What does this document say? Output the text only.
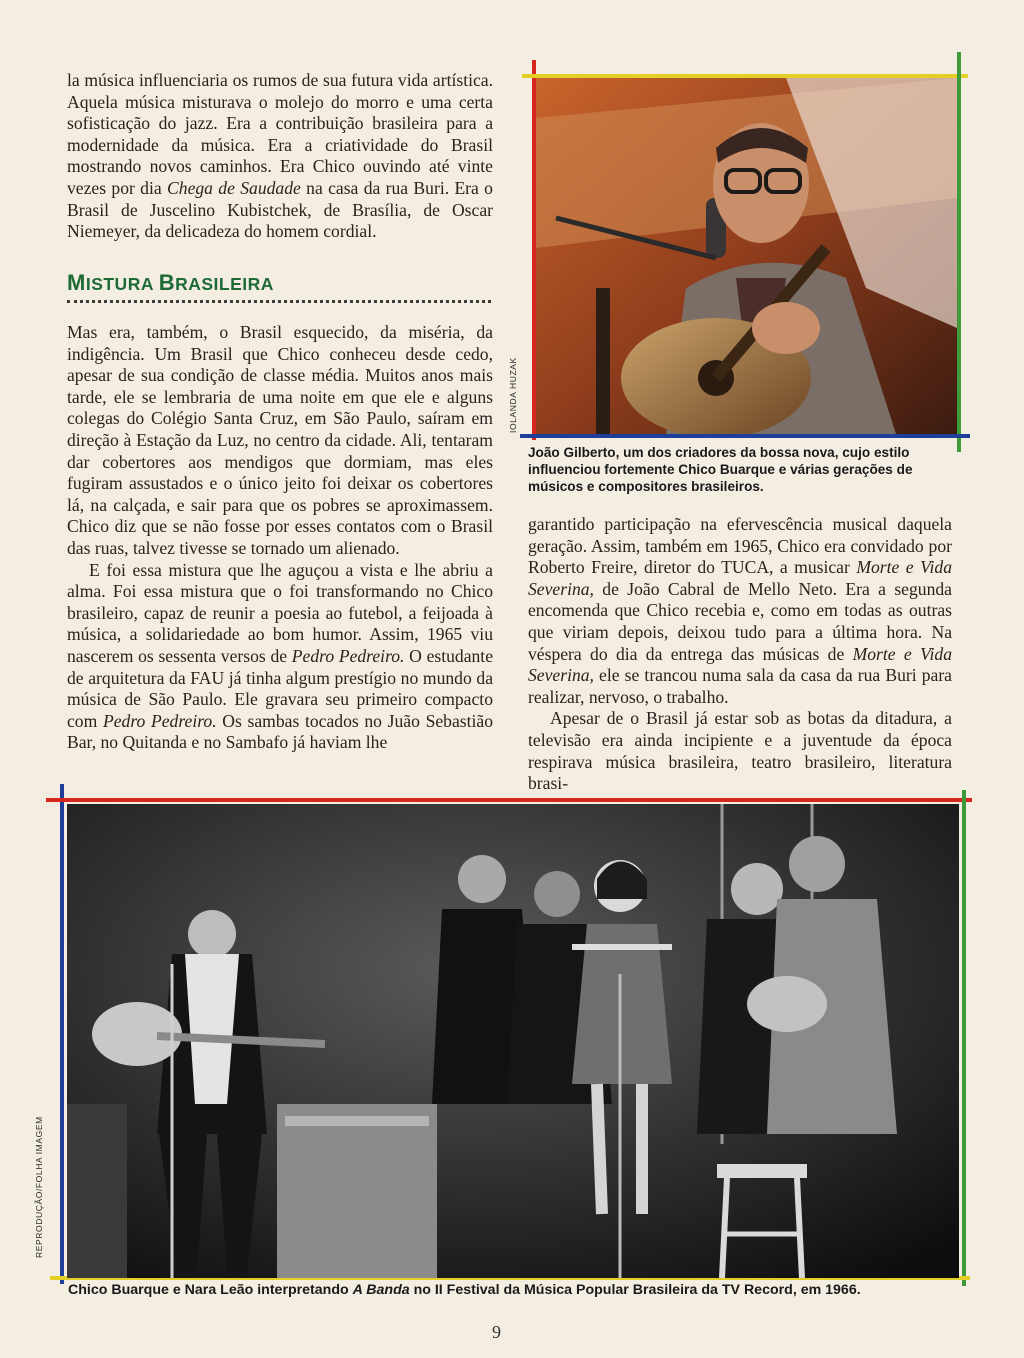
la música influenciaria os rumos de sua futura vida artística. Aquela música misturava o molejo do morro e uma certa sofisticação do jazz. Era a contribuição brasileira para a modernidade da música. Era a criatividade do Brasil mostrando novos caminhos. Era Chico ouvindo até vinte vezes por dia Chega de Saudade na casa da rua Buri. Era o Brasil de Juscelino Kubistchek, de Brasília, de Oscar Niemeyer, da delicadeza do homem cordial.

MISTURA BRASILEIRA

Mas era, também, o Brasil esquecido, da miséria, da indigência. Um Brasil que Chico conheceu desde cedo, apesar de sua condição de classe média. Muitos anos mais tarde, ele se lembraria de uma noite em que ele e alguns colegas do Colégio Santa Cruz, em São Paulo, saíram em direção à Estação da Luz, no centro da cidade. Ali, tentaram dar cobertores aos mendigos que dormiam, mas eles fugiram assustados e o único jeito foi deixar os cobertores lá, na calçada, e sair para que os pobres se aproximassem. Chico diz que se não fosse por esses contatos com o Brasil das ruas, talvez tivesse se tornado um alienado.

E foi essa mistura que lhe aguçou a vista e lhe abriu a alma. Foi essa mistura que o foi transformando no Chico brasileiro, capaz de reunir a poesia ao futebol, a feijoada à música, a solidariedade ao bom humor. Assim, 1965 viu nascerem os sessenta versos de Pedro Pedreiro. O estudante de arquitetura da FAU já tinha algum prestígio no mundo da música de São Paulo. Ele gravara seu primeiro compacto com Pedro Pedreiro. Os sambas tocados no Juão Sebastião Bar, no Quitanda e no Sambafo já haviam lhe

garantido participação na efervescência musical daquela geração. Assim, também em 1965, Chico era convidado por Roberto Freire, diretor do TUCA, a musicar Morte e Vida Severina, de João Cabral de Mello Neto. Era a segunda encomenda que Chico recebia e, como em todas as outras que viriam depois, deixou tudo para a última hora. Na véspera do dia da entrega das músicas de Morte e Vida Severina, ele se trancou numa sala da casa da rua Buri para realizar, nervoso, o trabalho.

Apesar de o Brasil já estar sob as botas da ditadura, a televisão era ainda incipiente e a juventude da época respirava música brasileira, teatro brasileiro, literatura brasi-

IOLANDA HUZAK
João Gilberto, um dos criadores da bossa nova, cujo estilo influenciou fortemente Chico Buarque e várias gerações de músicos e compositores brasileiros.
REPRODUÇÃO/FOLHA IMAGEM
Chico Buarque e Nara Leão interpretando A Banda no II Festival da Música Popular Brasileira da TV Record, em 1966.
9
